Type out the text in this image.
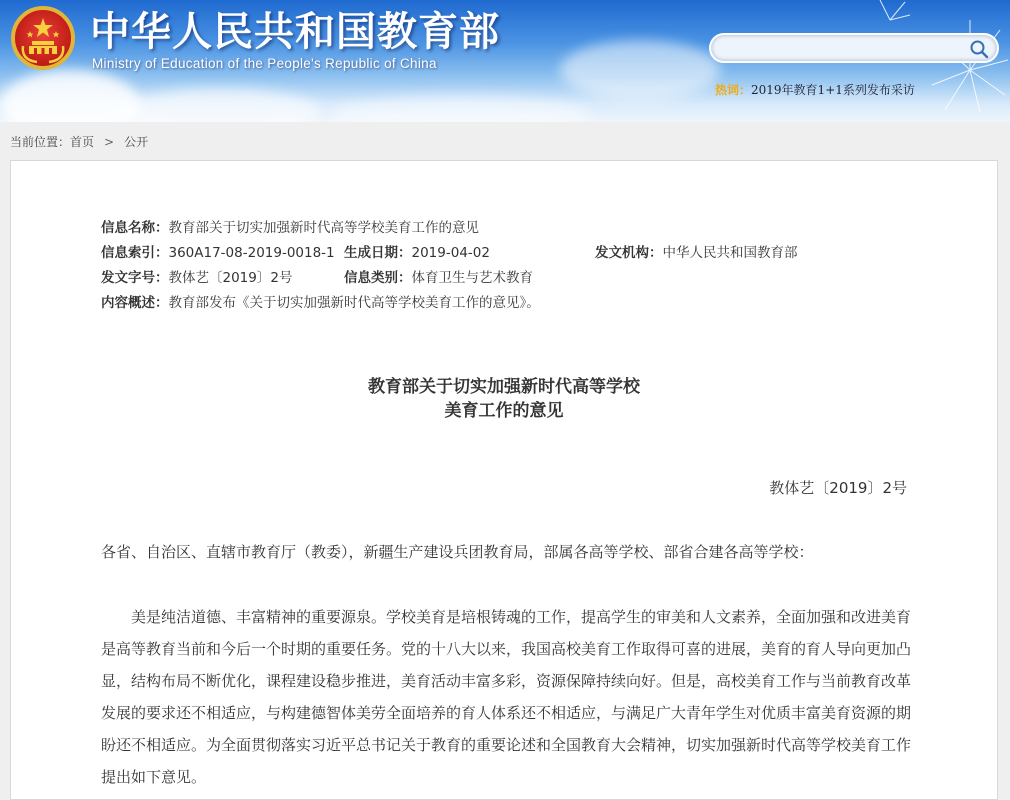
中华人民共和国教育部

Ministry of Education of the People's Republic of China

热词：2019年教育1+1系列发布采访
当前位置：首页 > 公开
信息名称：教育部关于切实加强新时代高等学校美育工作的意见
信息索引：360A17-08-2019-0018-1 生成日期：2019-04-02	发文机构：中华人民共和国教育部
发文字号：教体艺〔2019〕2号	信息类别：体育卫生与艺术教育
内容概述：教育部发布《关于切实加强新时代高等学校美育工作的意见》。

教育部关于切实加强新时代高等学校

美育工作的意见

教体艺〔2019〕2号
各省、自治区、直辖市教育厅（教委），新疆生产建设兵团教育局，部属各高等学校、部省合建各高等学校：

美是纯洁道德、丰富精神的重要源泉。学校美育是培根铸魂的工作，提高学生的审美和人文素养，全面加强和改进美育是高等教育当前和今后一个时期的重要任务。党的十八大以来，我国高校美育工作取得可喜的进展，美育的育人导向更加凸显，结构布局不断优化，课程建设稳步推进，美育活动丰富多彩，资源保障持续向好。但是，高校美育工作与当前教育改革发展的要求还不相适应，与构建德智体美劳全面培养的育人体系还不相适应，与满足广大青年学生对优质丰富美育资源的期盼还不相适应。为全面贯彻落实习近平总书记关于教育的重要论述和全国教育大会精神，切实加强新时代高等学校美育工作提出如下意见。
